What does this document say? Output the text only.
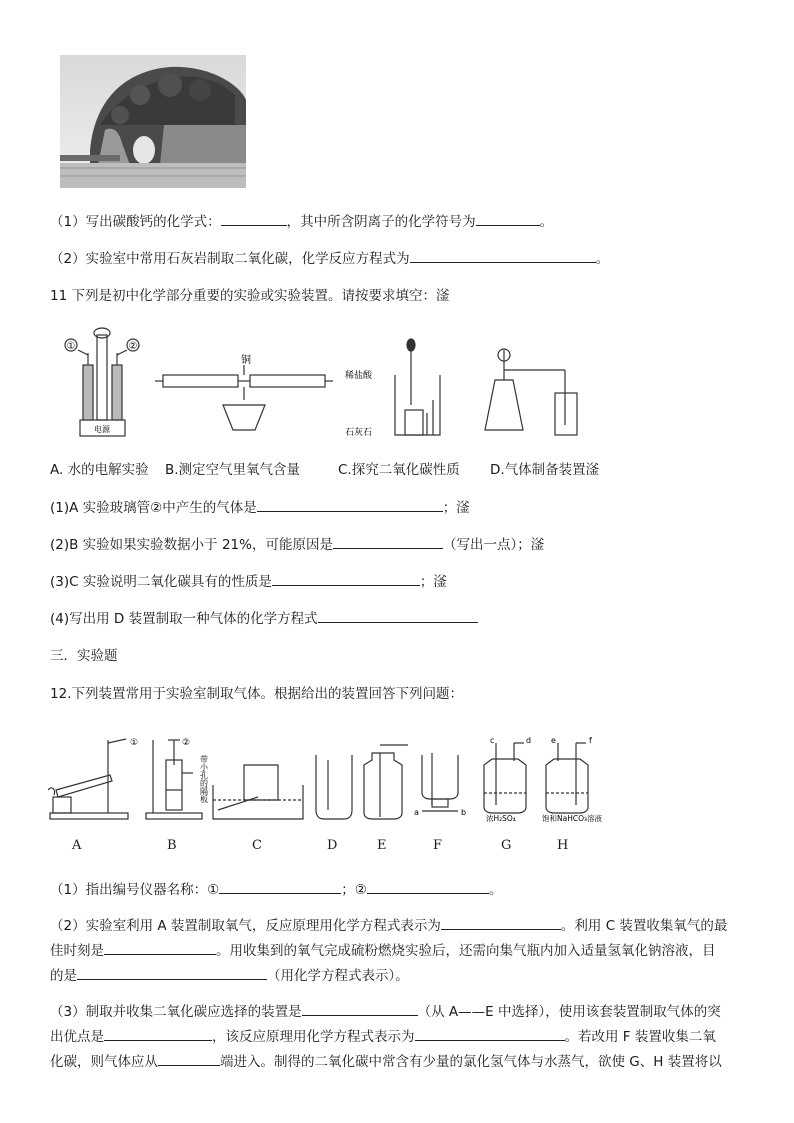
（1）写出碳酸钙的化学式：	，其中所含阴离子的化学符号为	。
（2）实验室中常用石灰岩制取二氧化碳，化学反应方程式为	。
11 下列是初中化学部分重要的实验或实验装置。请按要求填空：滏
①	②
电源
铜
稀盐酸
石灰石
A. 水的电解实验 B.测定空气里氧气含量	C.探究二氧化碳性质 D.气体制备装置滏
(1)A 实验玻璃管②中产生的气体是	；滏
(2)B 实验如果实验数据小于 21%，可能原因是	（写出一点）；滏
(3)C 实验说明二氧化碳具有的性质是	；滏
(4)写出用 D 装置制取一种气体的化学方程式
三．实验题
12.下列装置常用于实验室制取气体。根据给出的装置回答下列问题：
①	②
带小孔的隔板
a	b
c	d e	f
浓H₂SO₄	饱和NaHCO₃溶液
A	B	C	D	E	F	G	H
（1）指出编号仪器名称：①	；②	。
（2）实验室利用 A 装置制取氧气，反应原理用化学方程式表示为	。利用 C 装置收集氧气的最
佳时刻是	。用收集到的氧气完成硫粉燃烧实验后，还需向集气瓶内加入适量氢氧化钠溶液，目
的是	（用化学方程式表示）。
（3）制取并收集二氧化碳应选择的装置是	（从 A——E 中选择），使用该套装置制取气体的突
出优点是	，该反应原理用化学方程式表示为	。若改用 F 装置收集二氧
化碳，则气体应从	端进入。制得的二氧化碳中常含有少量的氯化氢气体与水蒸气，欲使 G、H 装置将以
